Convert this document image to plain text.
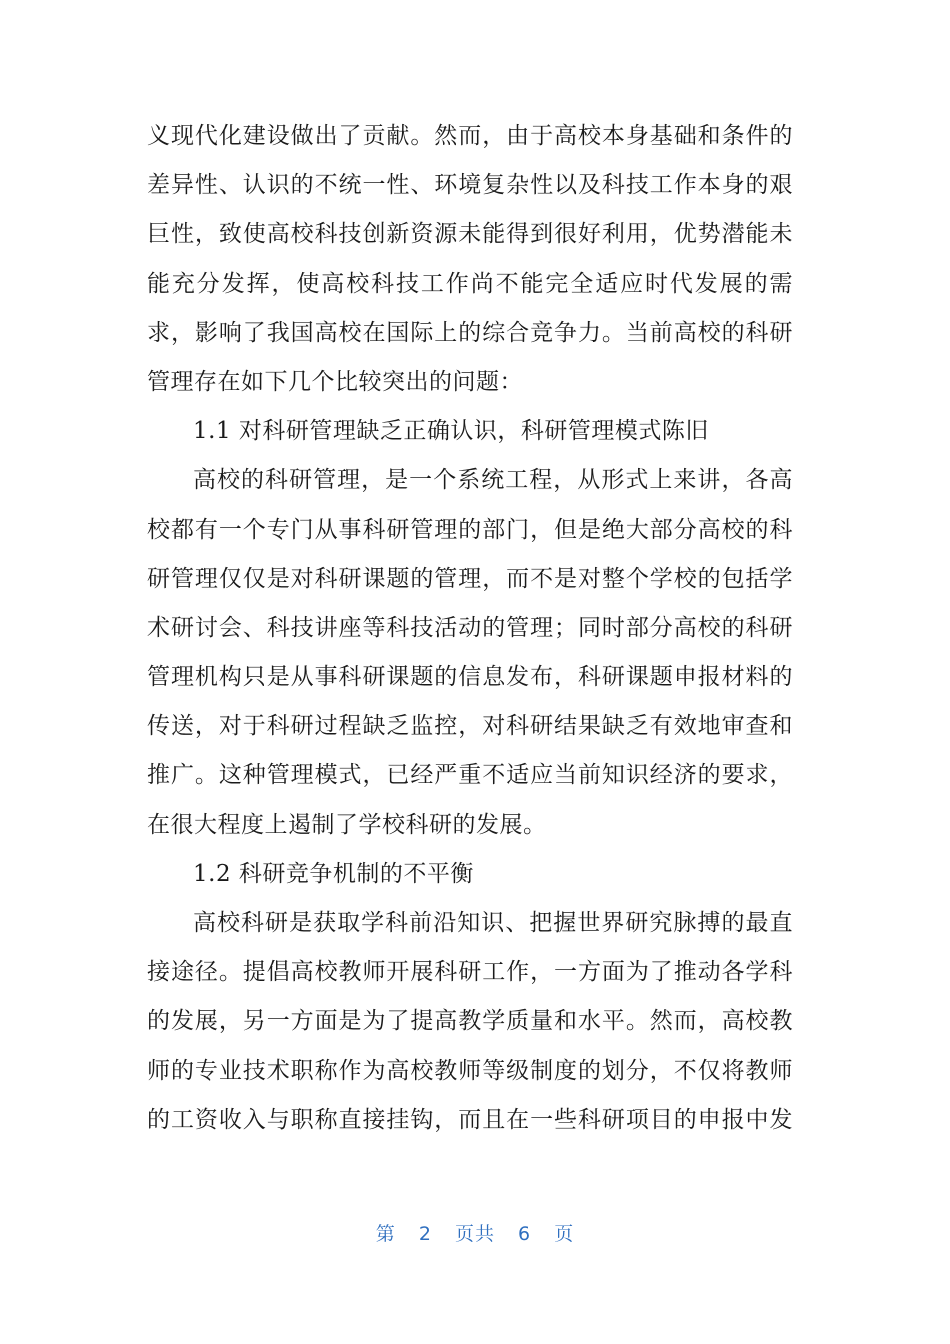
义现代化建设做出了贡献。然而，由于高校本身基础和条件的
差异性、认识的不统一性、环境复杂性以及科技工作本身的艰
巨性，致使高校科技创新资源未能得到很好利用，优势潜能未
能充分发挥，使高校科技工作尚不能完全适应时代发展的需
求，影响了我国高校在国际上的综合竞争力。当前高校的科研
管理存在如下几个比较突出的问题：
1.1 对科研管理缺乏正确认识，科研管理模式陈旧
高校的科研管理，是一个系统工程，从形式上来讲，各高
校都有一个专门从事科研管理的部门，但是绝大部分高校的科
研管理仅仅是对科研课题的管理，而不是对整个学校的包括学
术研讨会、科技讲座等科技活动的管理；同时部分高校的科研
管理机构只是从事科研课题的信息发布，科研课题申报材料的
传送，对于科研过程缺乏监控，对科研结果缺乏有效地审查和
推广。这种管理模式，已经严重不适应当前知识经济的要求，
在很大程度上遏制了学校科研的发展。
1.2 科研竞争机制的不平衡
高校科研是获取学科前沿知识、把握世界研究脉搏的最直
接途径。提倡高校教师开展科研工作，一方面为了推动各学科
的发展，另一方面是为了提高教学质量和水平。然而，高校教
师的专业技术职称作为高校教师等级制度的划分，不仅将教师
的工资收入与职称直接挂钩，而且在一些科研项目的申报中发
第 2 页共 6 页
